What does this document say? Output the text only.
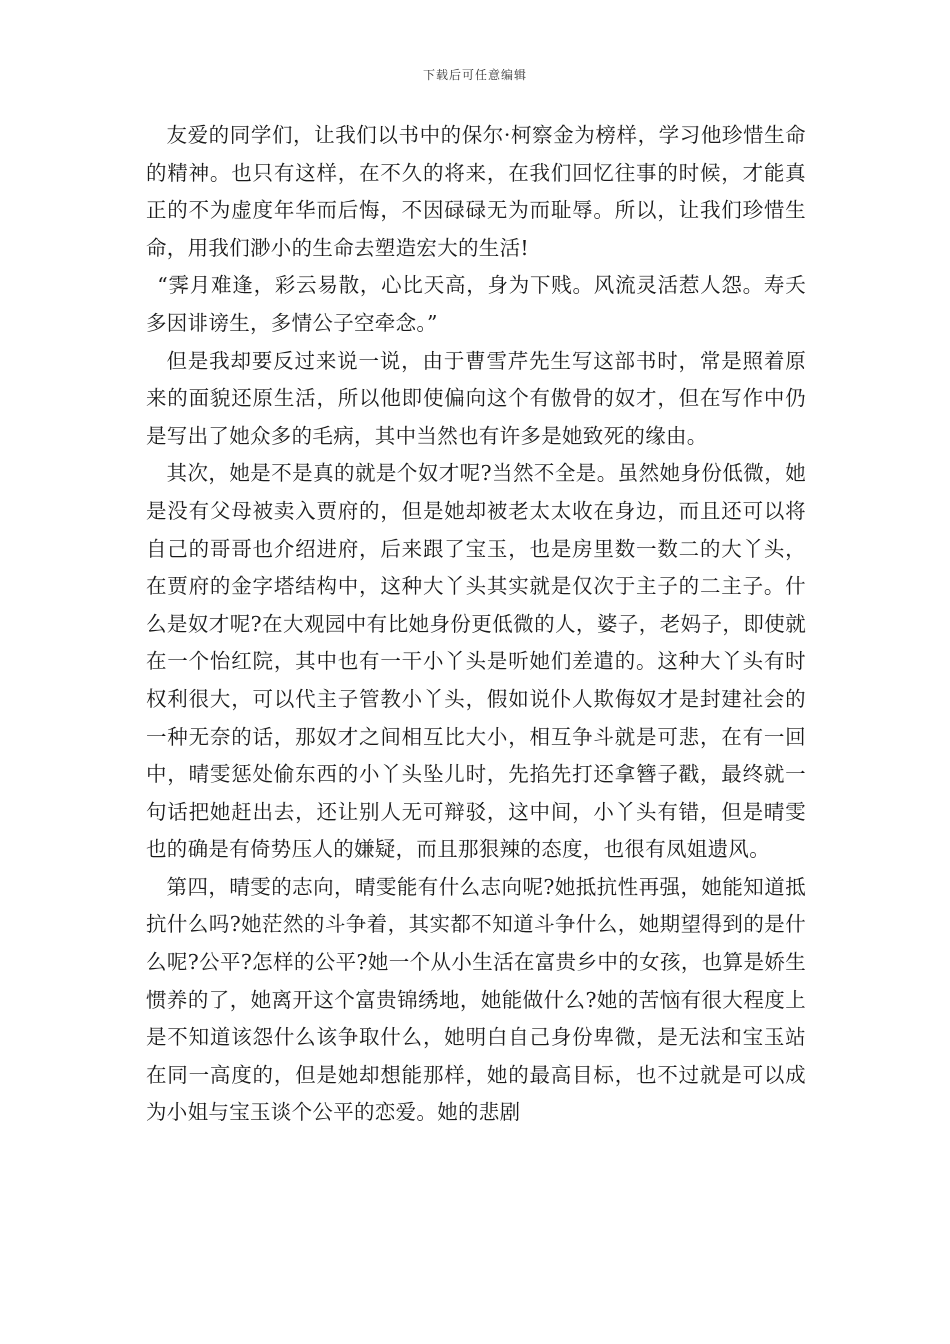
下载后可任意编辑

友爱的同学们，让我们以书中的保尔·柯察金为榜样，学习他珍惜生命的精神。也只有这样，在不久的将来，在我们回忆往事的时候，才能真正的不为虚度年华而后悔，不因碌碌无为而耻辱。所以，让我们珍惜生命，用我们渺小的生命去塑造宏大的生活!

“霁月难逢，彩云易散，心比天高，身为下贱。风流灵活惹人怨。寿夭多因诽谤生，多情公子空牵念。”

但是我却要反过来说一说，由于曹雪芹先生写这部书时，常是照着原来的面貌还原生活，所以他即使偏向这个有傲骨的奴才，但在写作中仍是写出了她众多的毛病，其中当然也有许多是她致死的缘由。

其次，她是不是真的就是个奴才呢?当然不全是。虽然她身份低微，她是没有父母被卖入贾府的，但是她却被老太太收在身边，而且还可以将自己的哥哥也介绍进府，后来跟了宝玉，也是房里数一数二的大丫头，在贾府的金字塔结构中，这种大丫头其实就是仅次于主子的二主子。什么是奴才呢?在大观园中有比她身份更低微的人，婆子，老妈子，即使就在一个怡红院，其中也有一干小丫头是听她们差遣的。这种大丫头有时权利很大，可以代主子管教小丫头，假如说仆人欺侮奴才是封建社会的一种无奈的话，那奴才之间相互比大小，相互争斗就是可悲，在有一回中，晴雯惩处偷东西的小丫头坠儿时，先掐先打还拿簪子戳，最终就一句话把她赶出去，还让别人无可辩驳，这中间，小丫头有错，但是晴雯也的确是有倚势压人的嫌疑，而且那狠辣的态度，也很有凤姐遗风。

第四，晴雯的志向，晴雯能有什么志向呢?她抵抗性再强，她能知道抵抗什么吗?她茫然的斗争着，其实都不知道斗争什么，她期望得到的是什么呢?公平?怎样的公平?她一个从小生活在富贵乡中的女孩，也算是娇生惯养的了，她离开这个富贵锦绣地，她能做什么?她的苦恼有很大程度上是不知道该怨什么该争取什么，她明白自己身份卑微，是无法和宝玉站在同一高度的，但是她却想能那样，她的最高目标，也不过就是可以成为小姐与宝玉谈个公平的恋爱。她的悲剧
